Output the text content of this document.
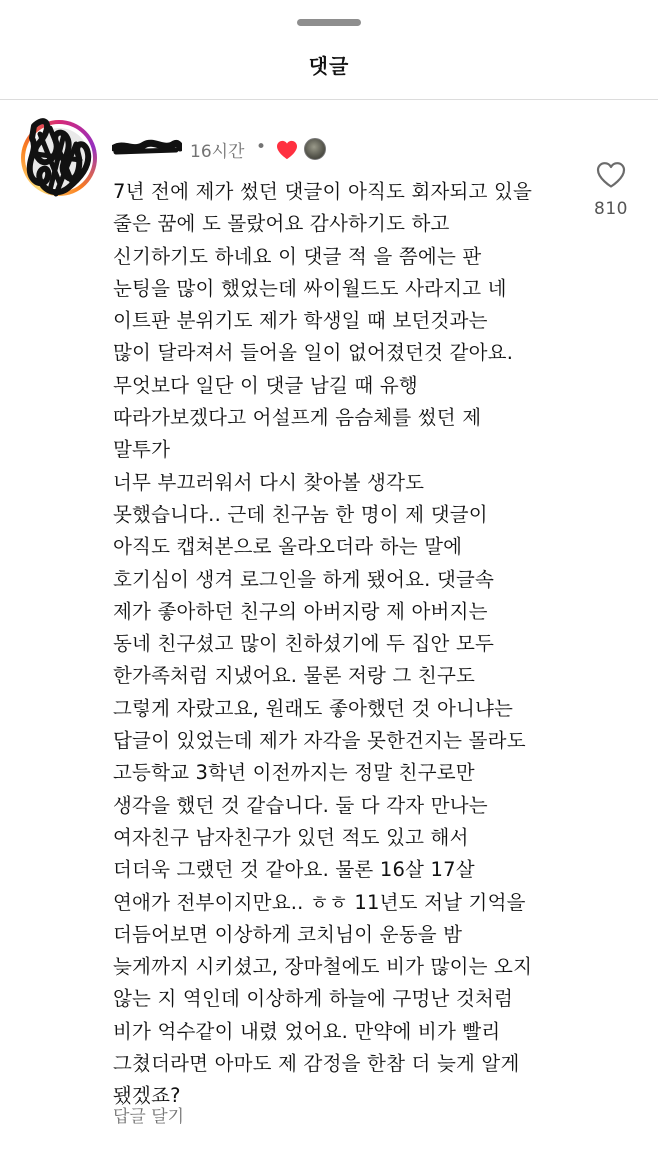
댓글
16시간 •
7년 전에 제가 썼던 댓글이 아직도 회자되고 있을
줄은 꿈에 도 몰랐어요 감사하기도 하고
신기하기도 하네요 이 댓글 적 을 쯤에는 판
눈팅을 많이 했었는데 싸이월드도 사라지고 네
이트판 분위기도 제가 학생일 때 보던것과는
많이 달라져서 들어올 일이 없어졌던것 같아요.
무엇보다 일단 이 댓글 남길 때 유행
따라가보겠다고 어설프게 음슴체를 썼던 제
말투가
너무 부끄러워서 다시 찾아볼 생각도
못했습니다.. 근데 친구놈 한 명이 제 댓글이
아직도 캡쳐본으로 올라오더라 하는 말에
호기심이 생겨 로그인을 하게 됐어요. 댓글속
제가 좋아하던 친구의 아버지랑 제 아버지는
동네 친구셨고 많이 친하셨기에 두 집안 모두
한가족처럼 지냈어요. 물론 저랑 그 친구도
그렇게 자랐고요, 원래도 좋아했던 것 아니냐는
답글이 있었는데 제가 자각을 못한건지는 몰라도
고등학교 3학년 이전까지는 정말 친구로만
생각을 했던 것 같습니다. 둘 다 각자 만나는
여자친구 남자친구가 있던 적도 있고 해서
더더욱 그랬던 것 같아요. 물론 16살 17살
연애가 전부이지만요.. ㅎㅎ 11년도 저날 기억을
더듬어보면 이상하게 코치님이 운동을 밤
늦게까지 시키셨고, 장마철에도 비가 많이는 오지
않는 지 역인데 이상하게 하늘에 구멍난 것처럼
비가 억수같이 내렸 었어요. 만약에 비가 빨리
그쳤더라면 아마도 제 감정을 한참 더 늦게 알게
됐겠죠?
810
답글 달기
